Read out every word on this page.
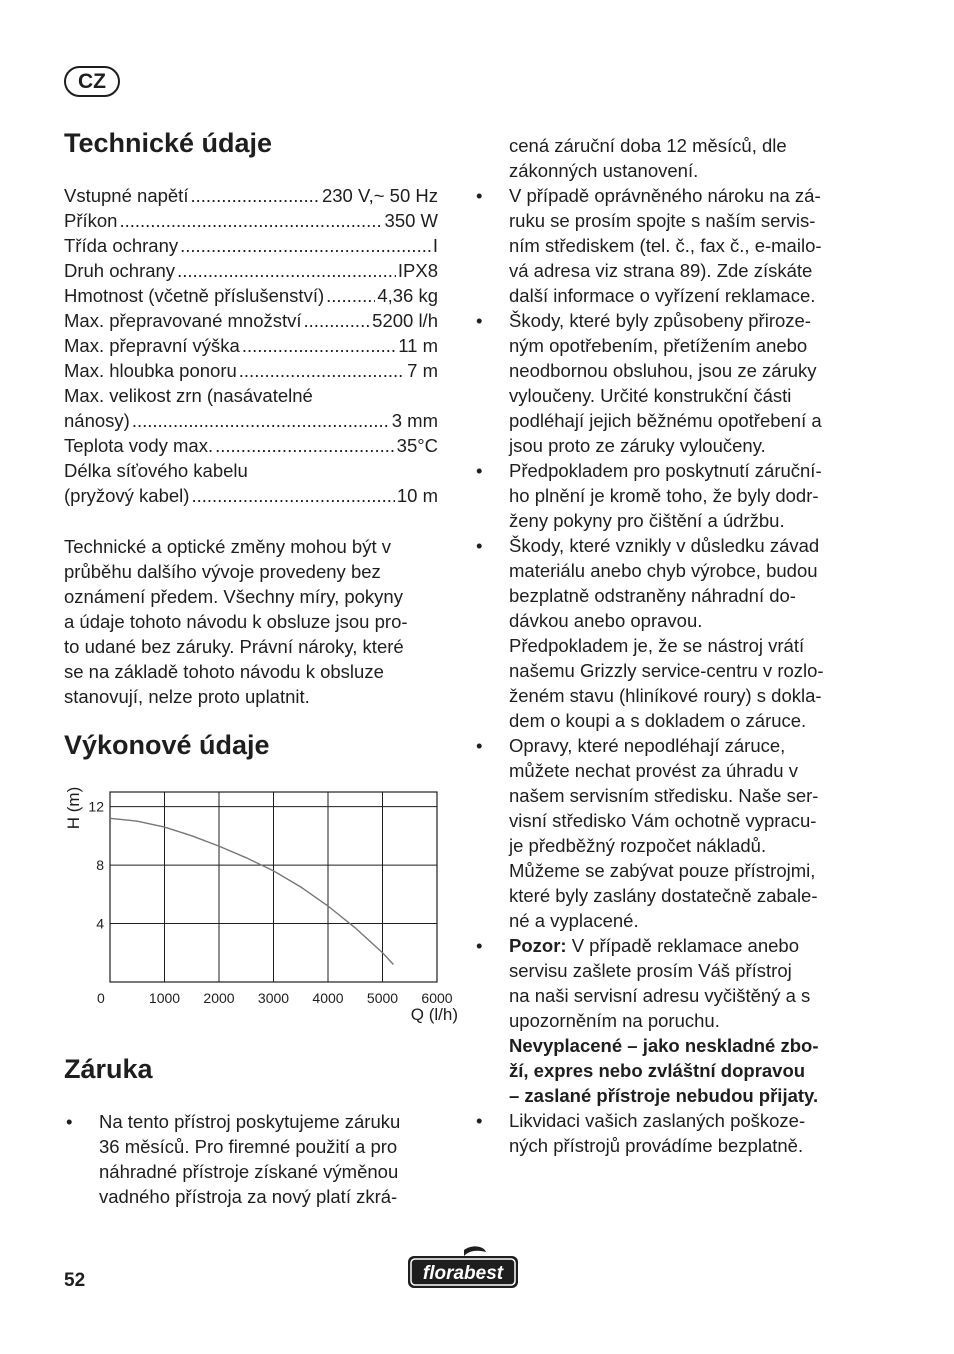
CZ
Technické údaje
Vstupné napětí .....	230 V,~ 50 Hz
Příkon .....	350 W
Třída ochrany .....	I
Druh ochrany .....	IPX8
Hmotnost (včetně příslušenství) .....	4,36 kg
Max. přepravované množství .....	5200 l/h
Max. přepravní výška .....	11 m
Max. hloubka ponoru .....	7 m
Max. velikost zrn (nasávatelné
nánosy) .....	3 mm
Teplota vody max. .....	35°C
Délka síťového kabelu
(pryžový kabel) .....	10 m
Technické a optické změny mohou být v
průběhu dalšího vývoje provedeny bez
oznámení předem. Všechny míry, pokyny
a údaje tohoto návodu k obsluze jsou pro-
to udané bez záruky. Právní nároky, které
se na základě tohoto návodu k obsluze
stanovují, nelze proto uplatnit.
Výkonové údaje
0	1000 2000 3000 4000 5000 6000
12
8
4
Q (l/h)
H (m)
Záruka
• Na tento přístroj poskytujeme záruku
36 měsíců. Pro firemné použití a pro
náhradné přístroje získané výměnou
vadného přístroja za nový platí zkrá-
cená záruční doba 12 měsíců, dle
zákonných ustanovení.
• V případě oprávněného nároku na zá-
ruku se prosím spojte s naším servis-
ním střediskem (tel. č., fax č., e-mailo-
vá adresa viz strana 89). Zde získáte
další informace o vyřízení reklamace.
• Škody, které byly způsobeny přiroze-
ným opotřebením, přetížením anebo
neodbornou obsluhou, jsou ze záruky
vyloučeny. Určité konstrukční části
podléhají jejich běžnému opotřebení a
jsou proto ze záruky vyloučeny.
• Předpokladem pro poskytnutí záruční-
ho plnění je kromě toho, že byly dodr-
ženy pokyny pro čištění a údržbu.
• Škody, které vznikly v důsledku závad
materiálu anebo chyb výrobce, budou
bezplatně odstraněny náhradní do-
dávkou anebo opravou.
Předpokladem je, že se nástroj vrátí
našemu Grizzly service-centru v rozlo-
ženém stavu (hliníkové roury) s dokla-
dem o koupi a s dokladem o záruce.
• Opravy, které nepodléhají záruce,
můžete nechat provést za úhradu v
našem servisním středisku. Naše ser-
visní středisko Vám ochotně vypracu-
je předběžný rozpočet nákladů.
Můžeme se zabývat pouze přístrojmi,
které byly zaslány dostatečně zabale-
né a vyplacené.
• Pozor: V případě reklamace anebo
servisu zašlete prosím Váš přístroj
na naši servisní adresu vyčištěný a s
upozorněním na poruchu.
Nevyplacené – jako neskladné zbo-
ží, expres nebo zvláštní dopravou
– zaslané přístroje nebudou přijaty.
• Likvidaci vašich zaslaných poškoze-
ných přístrojů provádíme bezplatně.
52	florabest
